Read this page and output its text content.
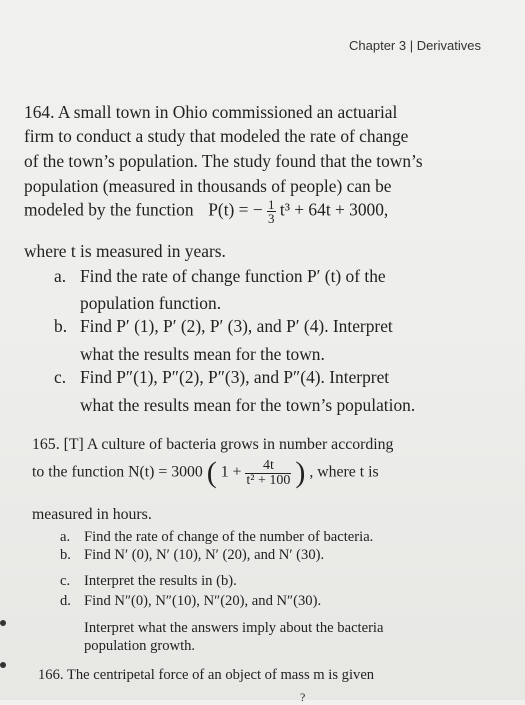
Chapter 3 | Derivatives
164. A small town in Ohio commissioned an actuarial
firm to conduct a study that modeled the rate of change
of the town’s population. The study found that the town’s
population (measured in thousands of people) can be
modeled by the function P(t) = − $\frac{1}{3} t^3 + 64t + 3000$,
where t is measured in years.
a. Find the rate of change function P′ (t) of the
population function.
b. Find P′ (1), P′ (2), P′ (3), and P′ (4). Interpret
what the results mean for the town.
c. Find P″(1), P″(2), P″(3), and P″(4). Interpret
what the results mean for the town’s population.
165. [T] A culture of bacteria grows in number according
to the function N(t) = 3000 ( $1 + \frac{4t}{\text{t² + 100}}$ ) , where t is
measured in hours.
a. Find the rate of change of the number of bacteria.
b. Find N′ (0), N′ (10), N′ (20), and N′ (30).
c. Interpret the results in (b).
d. Find N″(0), N″(10), N″(20), and N″(30).
Interpret what the answers imply about the bacteria
population growth.
166. The centripetal force of an object of mass m is given
?
